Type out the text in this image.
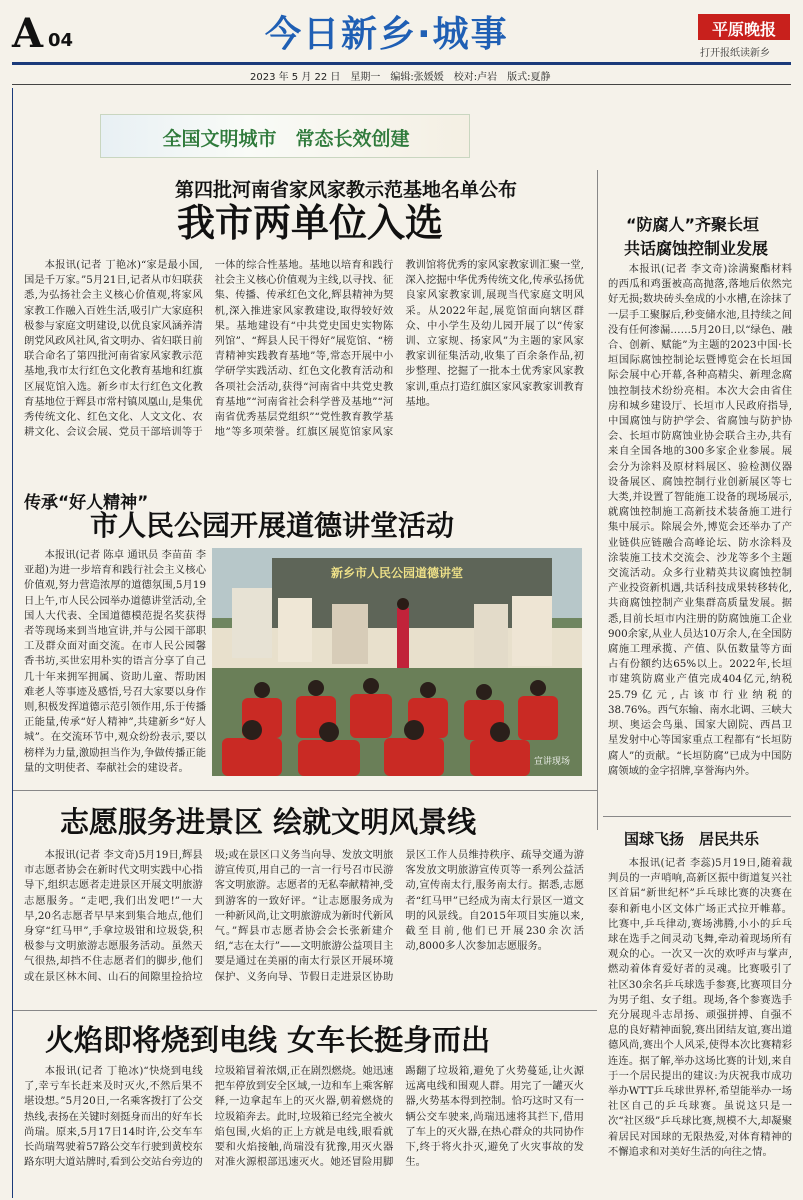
A 04	今日新乡·城事	平原晚报
打开报纸读新乡
2023 年 5 月 22 日　星期一　编辑:张媛媛　校对:卢岩　版式:夏静
全国文明城市　常态长效创建
第四批河南省家风家教示范基地名单公布
我市两单位入选
本报讯(记者 丁艳冰)“家是最小国,国是千万家。”5月21日,记者从市妇联获悉,为弘扬社会主义核心价值观,将家风家教工作融入百姓生活,吸引广大家庭积极参与家庭文明建设,以优良家风涵养清朗党风政风社风,省文明办、省妇联日前联合命名了第四批河南省家风家教示范基地,我市太行红色文化教育基地和红旗区展览馆入选。新乡市太行红色文化教育基地位于辉县市常村镇凤凰山,是集优秀传统文化、红色文化、人文文化、农耕文化、会议会展、党员干部培训等于一体的综合性基地。基地以培育和践行社会主义核心价值观为主线,以寻找、征集、传播、传承红色文化,辉县精神为契机,深入推进家风家教建设,取得较好效果。基地建设有“中共党史国史实物陈列馆”、“辉县人民干得好”展览馆、“榜青精神实践教育基地”等,常态开展中小学研学实践活动、红色文化教育活动和各项社会活动,获得“河南省中共党史教育基地”“河南省社会科学普及基地”“河南省优秀基层党组织”“党性教育教学基地”等多项荣誉。红旗区展览馆家风家教训馆将优秀的家风家教家训汇聚一堂,深入挖掘中华优秀传统文化,传承弘扬优良家风家教家训,展现当代家庭文明风采。从2022年起,展览馆面向辖区群众、中小学生及幼儿园开展了以“传家训、立家规、扬家风”为主题的家风家教家训征集活动,收集了百余条作品,初步整理、挖掘了一批本土优秀家风家教家训,重点打造红旗区家风家教家训教育基地。
传承“好人精神”
市人民公园开展道德讲堂活动
本报讯(记者 陈卓 通讯员 李苗苗 李亚超)为进一步培育和践行社会主义核心价值观,努力营造浓厚的道德氛围,5月19日上午,市人民公园举办道德讲堂活动,全国人大代表、全国道德模范提名奖获得者等现场来到当地宣讲,并与公园干部职工及群众面对面交流。在市人民公园馨香书坊,买世宏用朴实的语言分享了自己几十年来拥军拥属、资助儿童、帮助困难老人等事迹及感悟,号召大家要以身作则,积极发挥道德示范引领作用,乐于传播正能量,传承“好人精神”,共建新乡“好人城”。在交流环节中,观众纷纷表示,要以榜样为力量,激励担当作为,争做传播正能量的文明使者、奉献社会的建设者。
新乡市人民公园道德讲堂
宣讲现场
志愿服务进景区 绘就文明风景线
本报讯(记者 李文奇)5月19日,辉县市志愿者协会在新时代文明实践中心指导下,组织志愿者走进景区开展文明旅游志愿服务。“走吧,我们出发吧!”一大早,20名志愿者早早来到集合地点,他们身穿“红马甲”,手拿垃圾钳和垃圾袋,积极参与文明旅游志愿服务活动。虽然天气很热,却挡不住志愿者们的脚步,他们或在景区林木间、山石的间隙里捡拾垃圾;或在景区口义务当向导、发放文明旅游宣传页,用自己的一言一行号召市民游客文明旅游。志愿者的无私奉献精神,受到游客的一致好评。“让志愿服务成为一种新风尚,让文明旅游成为新时代新风气。”辉县市志愿者协会会长张新建介绍,“志在太行”——文明旅游公益项目主要是通过在美丽的南太行景区开展环境保护、义务向导、节假日走进景区协助景区工作人员维持秩序、疏导交通为游客发放文明旅游宣传页等一系列公益活动,宣传南太行,服务南太行。据悉,志愿者“红马甲”已经成为南太行景区一道文明的风景线。自2015年项目实施以来,截至目前,他们已开展230余次活动,8000多人次参加志愿服务。
火焰即将烧到电线 女车长挺身而出
本报讯(记者 丁艳冰)“快烧到电线了,幸亏车长赶来及时灭火,不然后果不堪设想。”5月20日,一名乘客拨打了公交热线,表扬在关键时刻挺身而出的好车长尚瑞。原来,5月17日14时许,公交车车长尚瑞驾驶着57路公交车行驶到黄校东路东明大道站牌时,看到公交站台旁边的垃圾箱冒着浓烟,正在剧烈燃烧。她迅速把车停放到安全区域,一边和车上乘客解释,一边拿起车上的灭火器,朝着燃烧的垃圾箱奔去。此时,垃圾箱已经完全被火焰包围,火焰的正上方就是电线,眼看就要和火焰接触,尚瑞没有犹豫,用灭火器对准火源根部迅速灭火。她还冒险用脚踢翻了垃圾箱,避免了火势蔓延,让火源远离电线和围观人群。用完了一罐灭火器,火势基本得到控制。恰巧这时又有一辆公交车驶来,尚瑞迅速将其拦下,借用了车上的灭火器,在热心群众的共同协作下,终于将火扑灭,避免了火灾事故的发生。
“防腐人”齐聚长垣
共话腐蚀控制业发展
本报讯(记者 李文奇)涂满聚酯材料的西瓜和鸡蛋被高高抛落,落地后依然完好无损;数块砖头垒成的小水槽,在涂抹了一层手工聚脲后,秒变储水池,且持续之间没有任何渗漏……5月20日,以“绿色、融合、创新、赋能”为主题的2023中国·长垣国际腐蚀控制论坛暨博览会在长垣国际会展中心开幕,各种高精尖、新理念腐蚀控制技术纷纷亮相。本次大会由省住房和城乡建设厅、长垣市人民政府指导,中国腐蚀与防护学会、省腐蚀与防护协会、长垣市防腐蚀业协会联合主办,共有来自全国各地的300多家企业参展。展会分为涂料及原材料展区、验检测仪器设备展区、腐蚀控制行业创新展区等七大类,并设置了智能施工设备的现场展示,就腐蚀控制施工高新技术装备施工进行集中展示。除展会外,博览会还举办了产业链供应链融合高峰论坛、防水涂料及涂装施工技术交流会、沙龙等多个主题交流活动。众多行业精英共议腐蚀控制产业投资新机遇,共话科技成果转移转化,共商腐蚀控制产业集群高质量发展。据悉,目前长垣市内注册的防腐蚀施工企业900余家,从业人员达10万余人,在全国防腐施工理承揽、产值、队伍数量等方面占有份额约达65%以上。2022年,长垣市建筑防腐业产值完成404亿元,纳税25.79亿元,占该市行业纳税的38.76%。西气东输、南水北调、三峡大坝、奥运会鸟巢、国家大剧院、西昌卫星发射中心等国家重点工程都有“长垣防腐人”的贡献。“长垣防腐”已成为中国防腐领域的金字招牌,享誉海内外。
国球飞扬　居民共乐
本报讯(记者 李蕊)5月19日,随着裁判员的一声哨响,高新区振中街道复兴社区首届“新世纪杯”乒乓球比赛的决赛在泰和新电小区文体广场正式拉开帷幕。比赛中,乒乓律动,赛场沸腾,小小的乒乓球在选手之间灵动飞舞,牵动着现场所有观众的心。一次又一次的欢呼声与掌声,燃动着体育爱好者的灵魂。比赛吸引了社区30余名乒乓球选手参赛,比赛项目分为男子组、女子组。现场,各个参赛选手充分展现斗志昂扬、顽强拼搏、自强不息的良好精神面貌,赛出团结友谊,赛出道德风尚,赛出个人风采,使得本次比赛精彩连连。据了解,举办这场比赛的计划,来自于一个居民提出的建议:为庆祝我市成功举办WTT乒乓球世界杯,希望能举办一场社区自己的乒乓球赛。虽说这只是一次“社区级”乒乓球比赛,规模不大,却凝聚着居民对国球的无限热爱,对体育精神的不懈追求和对美好生活的向往之情。
